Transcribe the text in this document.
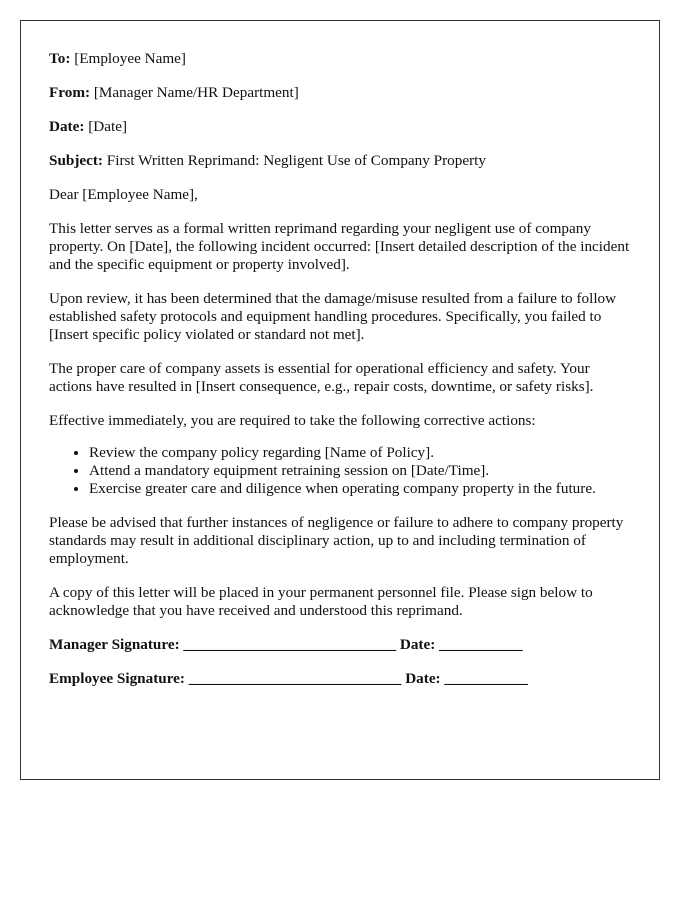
To: [Employee Name]

From: [Manager Name/HR Department]

Date: [Date]

Subject: First Written Reprimand: Negligent Use of Company Property

Dear [Employee Name],

This letter serves as a formal written reprimand regarding your negligent use of company property. On [Date], the following incident occurred: [Insert detailed description of the incident and the specific equipment or property involved].

Upon review, it has been determined that the damage/misuse resulted from a failure to follow established safety protocols and equipment handling procedures. Specifically, you failed to [Insert specific policy violated or standard not met].

The proper care of company assets is essential for operational efficiency and safety. Your actions have resulted in [Insert consequence, e.g., repair costs, downtime, or safety risks].

Effective immediately, you are required to take the following corrective actions:

• Review the company policy regarding [Name of Policy].
• Attend a mandatory equipment retraining session on [Date/Time].
• Exercise greater care and diligence when operating company property in the future.

Please be advised that further instances of negligence or failure to adhere to company property standards may result in additional disciplinary action, up to and including termination of employment.

A copy of this letter will be placed in your permanent personnel file. Please sign below to acknowledge that you have received and understood this reprimand.

Manager Signature: ____________________________ Date: ___________

Employee Signature: ____________________________ Date: ___________
